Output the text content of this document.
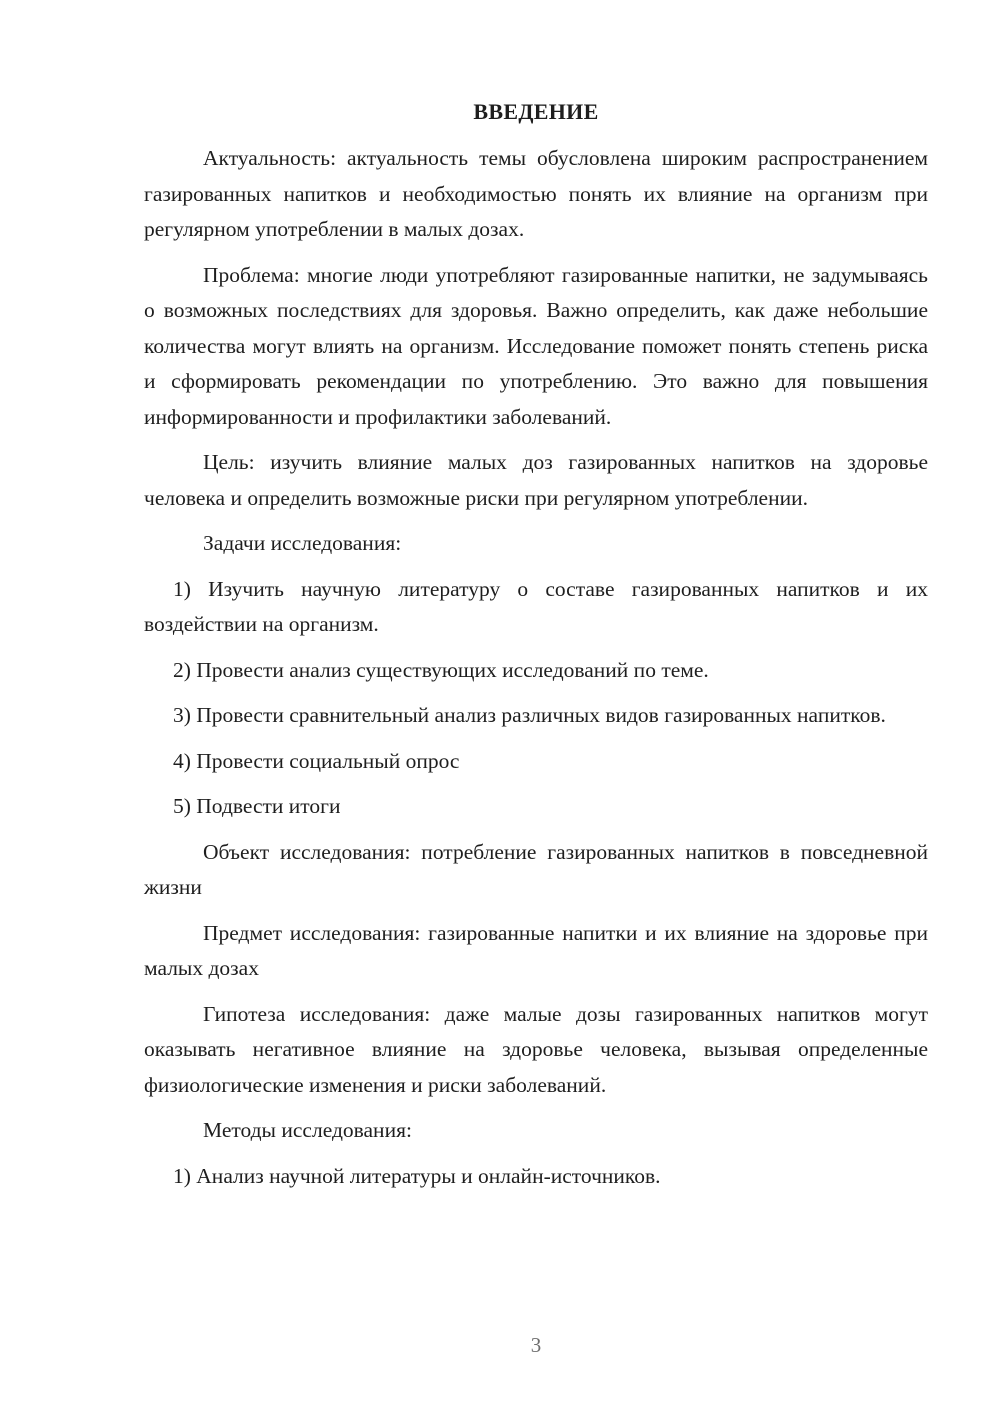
ВВЕДЕНИЕ

Актуальность: актуальность темы обусловлена широким распространением газированных напитков и необходимостью понять их влияние на организм при регулярном употреблении в малых дозах.

Проблема: многие люди употребляют газированные напитки, не задумываясь о возможных последствиях для здоровья. Важно определить, как даже небольшие количества могут влиять на организм. Исследование поможет понять степень риска и сформировать рекомендации по употреблению. Это важно для повышения информированности и профилактики заболеваний.

Цель: изучить влияние малых доз газированных напитков на здоровье человека и определить возможные риски при регулярном употреблении.

Задачи исследования:

1) Изучить научную литературу о составе газированных напитков и их воздействии на организм.

2) Провести анализ существующих исследований по теме.

3) Провести сравнительный анализ различных видов газированных напитков.

4) Провести социальный опрос

5) Подвести итоги

Объект исследования: потребление газированных напитков в повседневной жизни

Предмет исследования: газированные напитки и их влияние на здоровье при малых дозах

Гипотеза исследования: даже малые дозы газированных напитков могут оказывать негативное влияние на здоровье человека, вызывая определенные физиологические изменения и риски заболеваний.

Методы исследования:

1) Анализ научной литературы и онлайн-источников.

3
